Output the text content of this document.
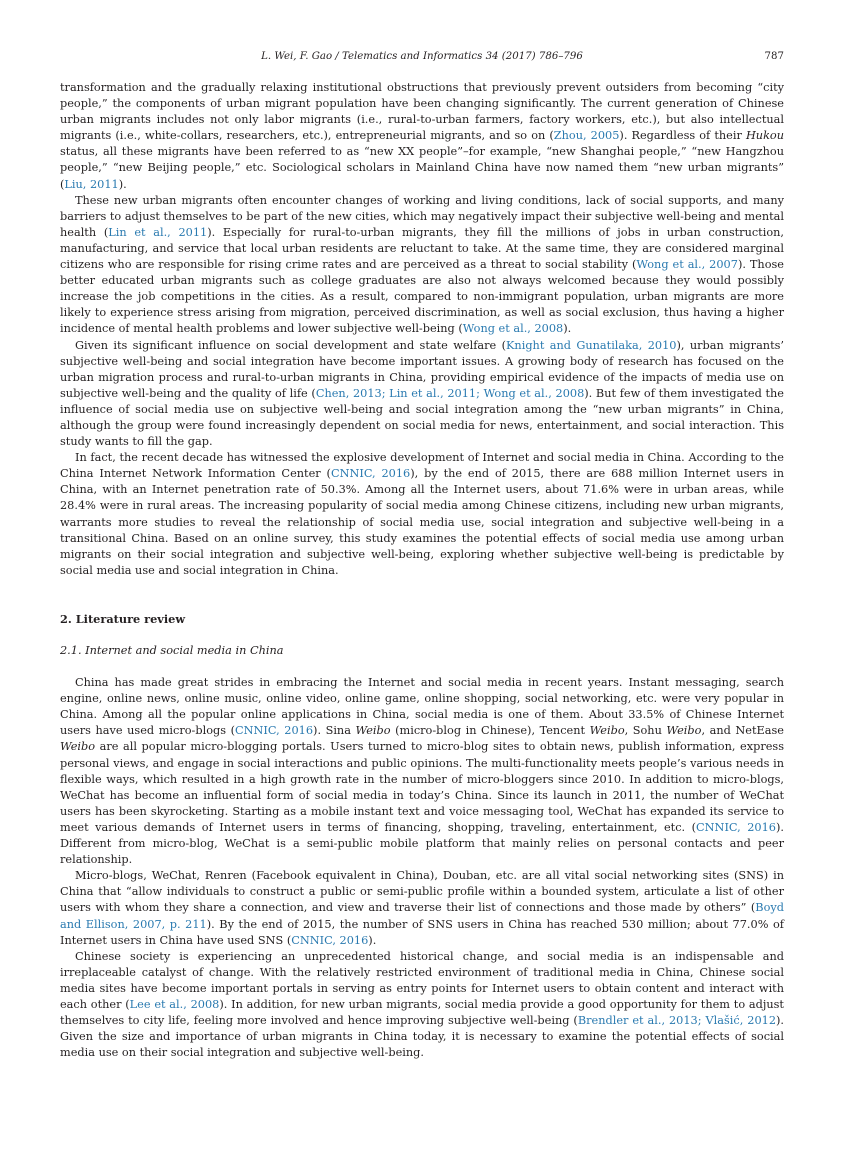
L. Wei, F. Gao / Telematics and Informatics 34 (2017) 786–796	787

transformation and the gradually relaxing institutional obstructions that previously prevent outsiders from becoming “city people,” the components of urban migrant population have been changing significantly. The current generation of Chinese urban migrants includes not only labor migrants (i.e., rural-to-urban farmers, factory workers, etc.), but also intellectual migrants (i.e., white-collars, researchers, etc.), entrepreneurial migrants, and so on (Zhou, 2005). Regardless of their Hukou status, all these migrants have been referred to as “new XX people”–for example, “new Shanghai people,” “new Hangzhou people,” “new Beijing people,” etc. Sociological scholars in Mainland China have now named them “new urban migrants” (Liu, 2011).

These new urban migrants often encounter changes of working and living conditions, lack of social supports, and many barriers to adjust themselves to be part of the new cities, which may negatively impact their subjective well-being and mental health (Lin et al., 2011). Especially for rural-to-urban migrants, they fill the millions of jobs in urban construction, manufacturing, and service that local urban residents are reluctant to take. At the same time, they are considered marginal citizens who are responsible for rising crime rates and are perceived as a threat to social stability (Wong et al., 2007). Those better educated urban migrants such as college graduates are also not always welcomed because they would possibly increase the job competitions in the cities. As a result, compared to non-immigrant population, urban migrants are more likely to experience stress arising from migration, perceived discrimination, as well as social exclusion, thus having a higher incidence of mental health problems and lower subjective well-being (Wong et al., 2008).

Given its significant influence on social development and state welfare (Knight and Gunatilaka, 2010), urban migrants’ subjective well-being and social integration have become important issues. A growing body of research has focused on the urban migration process and rural-to-urban migrants in China, providing empirical evidence of the impacts of media use on subjective well-being and the quality of life (Chen, 2013; Lin et al., 2011; Wong et al., 2008). But few of them investigated the influence of social media use on subjective well-being and social integration among the “new urban migrants” in China, although the group were found increasingly dependent on social media for news, entertainment, and social interaction. This study wants to fill the gap.

In fact, the recent decade has witnessed the explosive development of Internet and social media in China. According to the China Internet Network Information Center (CNNIC, 2016), by the end of 2015, there are 688 million Internet users in China, with an Internet penetration rate of 50.3%. Among all the Internet users, about 71.6% were in urban areas, while 28.4% were in rural areas. The increasing popularity of social media among Chinese citizens, including new urban migrants, warrants more studies to reveal the relationship of social media use, social integration and subjective well-being in a transitional China. Based on an online survey, this study examines the potential effects of social media use among urban migrants on their social integration and subjective well-being, exploring whether subjective well-being is predictable by social media use and social integration in China.

2. Literature review

2.1. Internet and social media in China

China has made great strides in embracing the Internet and social media in recent years. Instant messaging, search engine, online news, online music, online video, online game, online shopping, social networking, etc. were very popular in China. Among all the popular online applications in China, social media is one of them. About 33.5% of Chinese Internet users have used micro-blogs (CNNIC, 2016). Sina Weibo (micro-blog in Chinese), Tencent Weibo, Sohu Weibo, and NetEase Weibo are all popular micro-blogging portals. Users turned to micro-blog sites to obtain news, publish information, express personal views, and engage in social interactions and public opinions. The multi-functionality meets people’s various needs in flexible ways, which resulted in a high growth rate in the number of micro-bloggers since 2010. In addition to micro-blogs, WeChat has become an influential form of social media in today’s China. Since its launch in 2011, the number of WeChat users has been skyrocketing. Starting as a mobile instant text and voice messaging tool, WeChat has expanded its service to meet various demands of Internet users in terms of financing, shopping, traveling, entertainment, etc. (CNNIC, 2016). Different from micro-blog, WeChat is a semi-public mobile platform that mainly relies on personal contacts and peer relationship.

Micro-blogs, WeChat, Renren (Facebook equivalent in China), Douban, etc. are all vital social networking sites (SNS) in China that “allow individuals to construct a public or semi-public profile within a bounded system, articulate a list of other users with whom they share a connection, and view and traverse their list of connections and those made by others” (Boyd and Ellison, 2007, p. 211). By the end of 2015, the number of SNS users in China has reached 530 million; about 77.0% of Internet users in China have used SNS (CNNIC, 2016).

Chinese society is experiencing an unprecedented historical change, and social media is an indispensable and irreplaceable catalyst of change. With the relatively restricted environment of traditional media in China, Chinese social media sites have become important portals in serving as entry points for Internet users to obtain content and interact with each other (Lee et al., 2008). In addition, for new urban migrants, social media provide a good opportunity for them to adjust themselves to city life, feeling more involved and hence improving subjective well-being (Brendler et al., 2013; Vlašić, 2012). Given the size and importance of urban migrants in China today, it is necessary to examine the potential effects of social media use on their social integration and subjective well-being.
